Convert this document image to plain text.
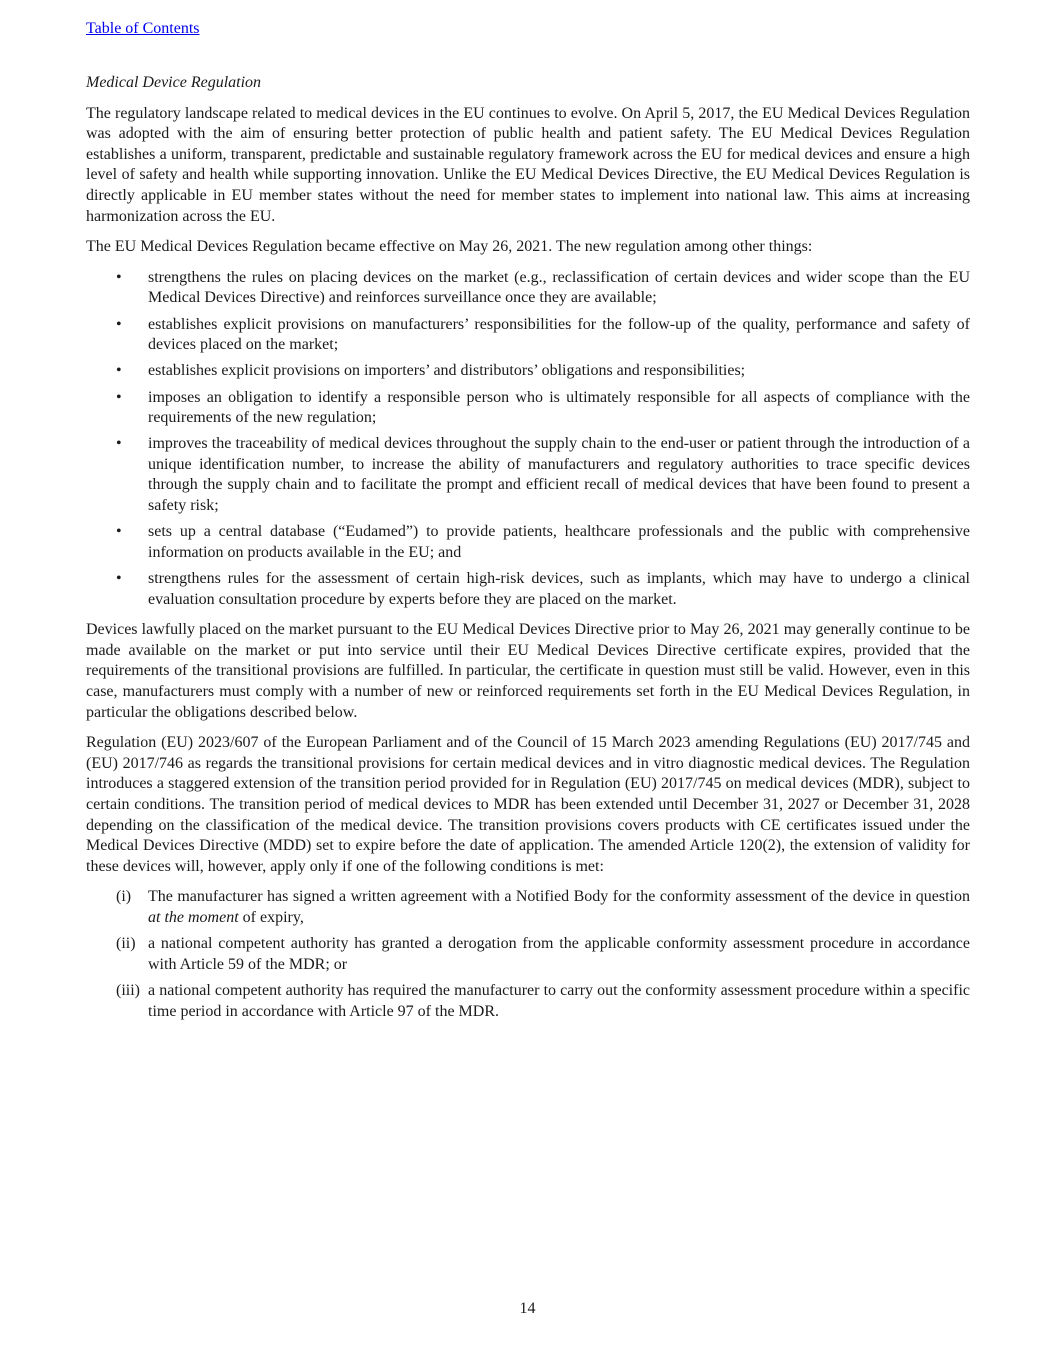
Table of Contents
Medical Device Regulation

The regulatory landscape related to medical devices in the EU continues to evolve. On April 5, 2017, the EU Medical Devices Regulation was adopted with the aim of ensuring better protection of public health and patient safety. The EU Medical Devices Regulation establishes a uniform, transparent, predictable and sustainable regulatory framework across the EU for medical devices and ensure a high level of safety and health while supporting innovation. Unlike the EU Medical Devices Directive, the EU Medical Devices Regulation is directly applicable in EU member states without the need for member states to implement into national law. This aims at increasing harmonization across the EU.

The EU Medical Devices Regulation became effective on May 26, 2021. The new regulation among other things:

• strengthens the rules on placing devices on the market (e.g., reclassification of certain devices and wider scope than the EU Medical Devices Directive) and reinforces surveillance once they are available;
• establishes explicit provisions on manufacturers’ responsibilities for the follow-up of the quality, performance and safety of devices placed on the market;
• establishes explicit provisions on importers’ and distributors’ obligations and responsibilities;
• imposes an obligation to identify a responsible person who is ultimately responsible for all aspects of compliance with the requirements of the new regulation;
• improves the traceability of medical devices throughout the supply chain to the end-user or patient through the introduction of a unique identification number, to increase the ability of manufacturers and regulatory authorities to trace specific devices through the supply chain and to facilitate the prompt and efficient recall of medical devices that have been found to present a safety risk;
• sets up a central database (“Eudamed”) to provide patients, healthcare professionals and the public with comprehensive information on products available in the EU; and
• strengthens rules for the assessment of certain high-risk devices, such as implants, which may have to undergo a clinical evaluation consultation procedure by experts before they are placed on the market.

Devices lawfully placed on the market pursuant to the EU Medical Devices Directive prior to May 26, 2021 may generally continue to be made available on the market or put into service until their EU Medical Devices Directive certificate expires, provided that the requirements of the transitional provisions are fulfilled. In particular, the certificate in question must still be valid. However, even in this case, manufacturers must comply with a number of new or reinforced requirements set forth in the EU Medical Devices Regulation, in particular the obligations described below.

Regulation (EU) 2023/607 of the European Parliament and of the Council of 15 March 2023 amending Regulations (EU) 2017/745 and (EU) 2017/746 as regards the transitional provisions for certain medical devices and in vitro diagnostic medical devices. The Regulation introduces a staggered extension of the transition period provided for in Regulation (EU) 2017/745 on medical devices (MDR), subject to certain conditions. The transition period of medical devices to MDR has been extended until December 31, 2027 or December 31, 2028 depending on the classification of the medical device. The transition provisions covers products with CE certificates issued under the Medical Devices Directive (MDD) set to expire before the date of application. The amended Article 120(2), the extension of validity for these devices will, however, apply only if one of the following conditions is met:

(i) The manufacturer has signed a written agreement with a Notified Body for the conformity assessment of the device in question at the moment of expiry,
(ii) a national competent authority has granted a derogation from the applicable conformity assessment procedure in accordance with Article 59 of the MDR; or
(iii) a national competent authority has required the manufacturer to carry out the conformity assessment procedure within a specific time period in accordance with Article 97 of the MDR.
14
